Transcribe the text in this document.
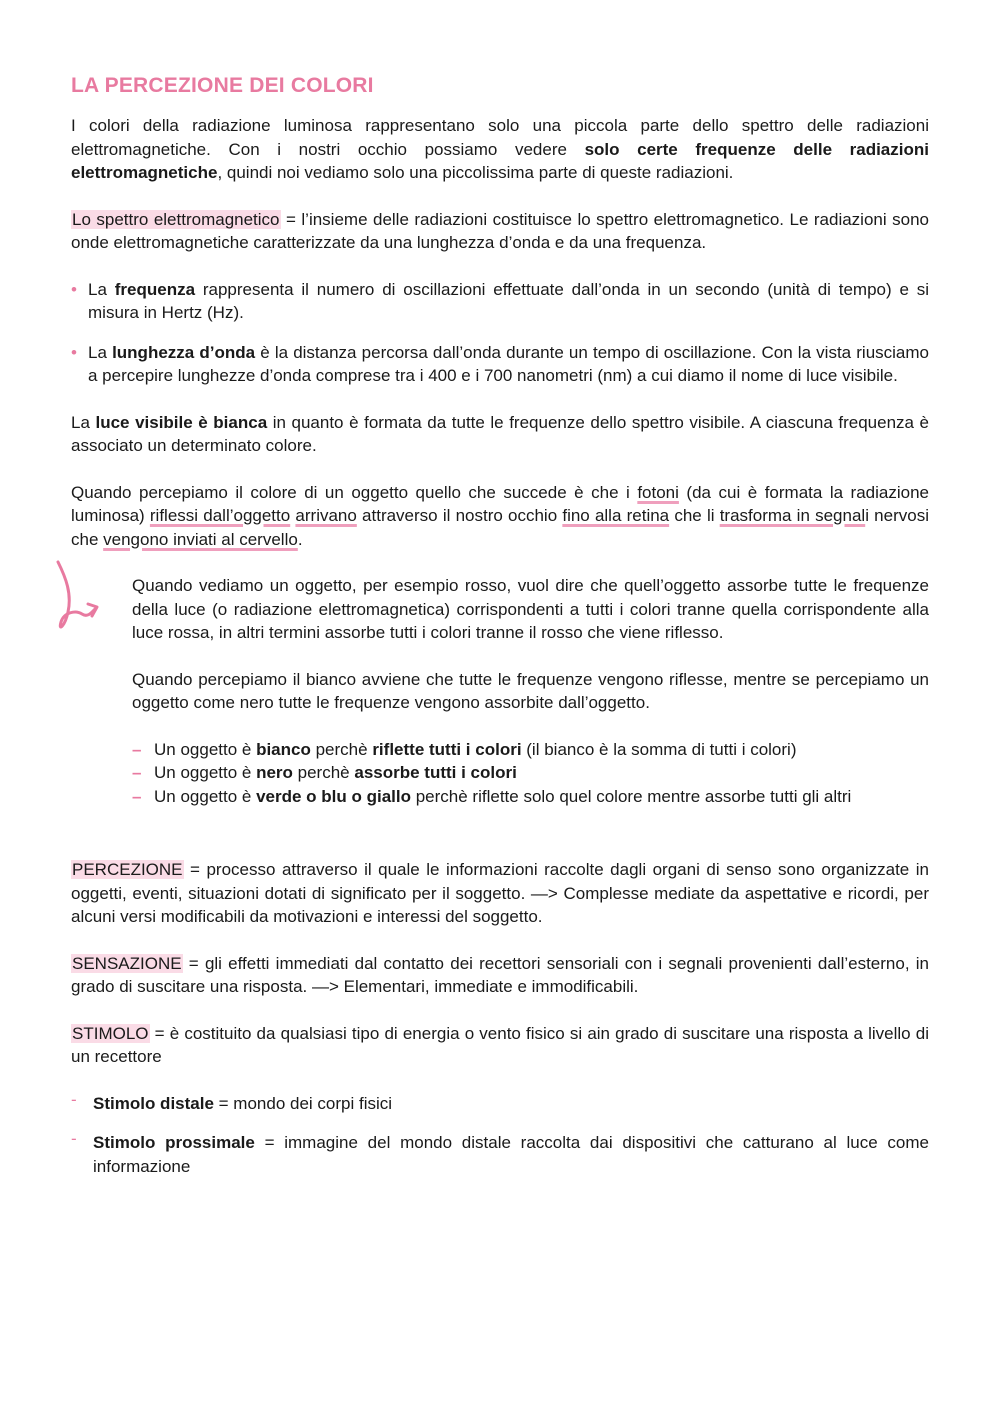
LA PERCEZIONE DEI COLORI

I colori della radiazione luminosa rappresentano solo una piccola parte dello spettro delle radiazioni elettromagnetiche. Con i nostri occhio possiamo vedere solo certe frequenze delle radiazioni elettromagnetiche, quindi noi vediamo solo una piccolissima parte di queste radiazioni.

Lo spettro elettromagnetico = l’insieme delle radiazioni costituisce lo spettro elettromagnetico. Le radiazioni sono onde elettromagnetiche caratterizzate da una lunghezza d’onda e da una frequenza.

• La frequenza rappresenta il numero di oscillazioni effettuate dall’onda in un secondo (unità di tempo) e si misura in Hertz (Hz).
• La lunghezza d’onda è la distanza percorsa dall’onda durante un tempo di oscillazione. Con la vista riusciamo a percepire lunghezze d’onda comprese tra i 400 e i 700 nanometri (nm) a cui diamo il nome di luce visibile.

La luce visibile è bianca in quanto è formata da tutte le frequenze dello spettro visibile. A ciascuna frequenza è associato un determinato colore.

Quando percepiamo il colore di un oggetto quello che succede è che i fotoni (da cui è formata la radiazione luminosa) riflessi dall’oggetto arrivano attraverso il nostro occhio fino alla retina che li trasforma in segnali nervosi che vengono inviati al cervello.

Quando vediamo un oggetto, per esempio rosso, vuol dire che quell’oggetto assorbe tutte le frequenze della luce (o radiazione elettromagnetica) corrispondenti a tutti i colori tranne quella corrispondente alla luce rossa, in altri termini assorbe tutti i colori tranne il rosso che viene riflesso.

Quando percepiamo il bianco avviene che tutte le frequenze vengono riflesse, mentre se percepiamo un oggetto come nero tutte le frequenze vengono assorbite dall’oggetto.

– Un oggetto è bianco perchè riflette tutti i colori (il bianco è la somma di tutti i colori)
– Un oggetto è nero perchè assorbe tutti i colori
– Un oggetto è verde o blu o giallo perchè riflette solo quel colore mentre assorbe tutti gli altri

PERCEZIONE = processo attraverso il quale le informazioni raccolte dagli organi di senso sono organizzate in oggetti, eventi, situazioni dotati di significato per il soggetto. —> Complesse mediate da aspettative e ricordi, per alcuni versi modificabili da motivazioni e interessi del soggetto.

SENSAZIONE = gli effetti immediati dal contatto dei recettori sensoriali con i segnali provenienti dall’esterno, in grado di suscitare una risposta. —> Elementari, immediate e immodificabili.

STIMOLO = è costituito da qualsiasi tipo di energia o vento fisico si ain grado di suscitare una risposta a livello di un recettore

- Stimolo distale = mondo dei corpi fisici
- Stimolo prossimale = immagine del mondo distale raccolta dai dispositivi che catturano al luce come informazione
